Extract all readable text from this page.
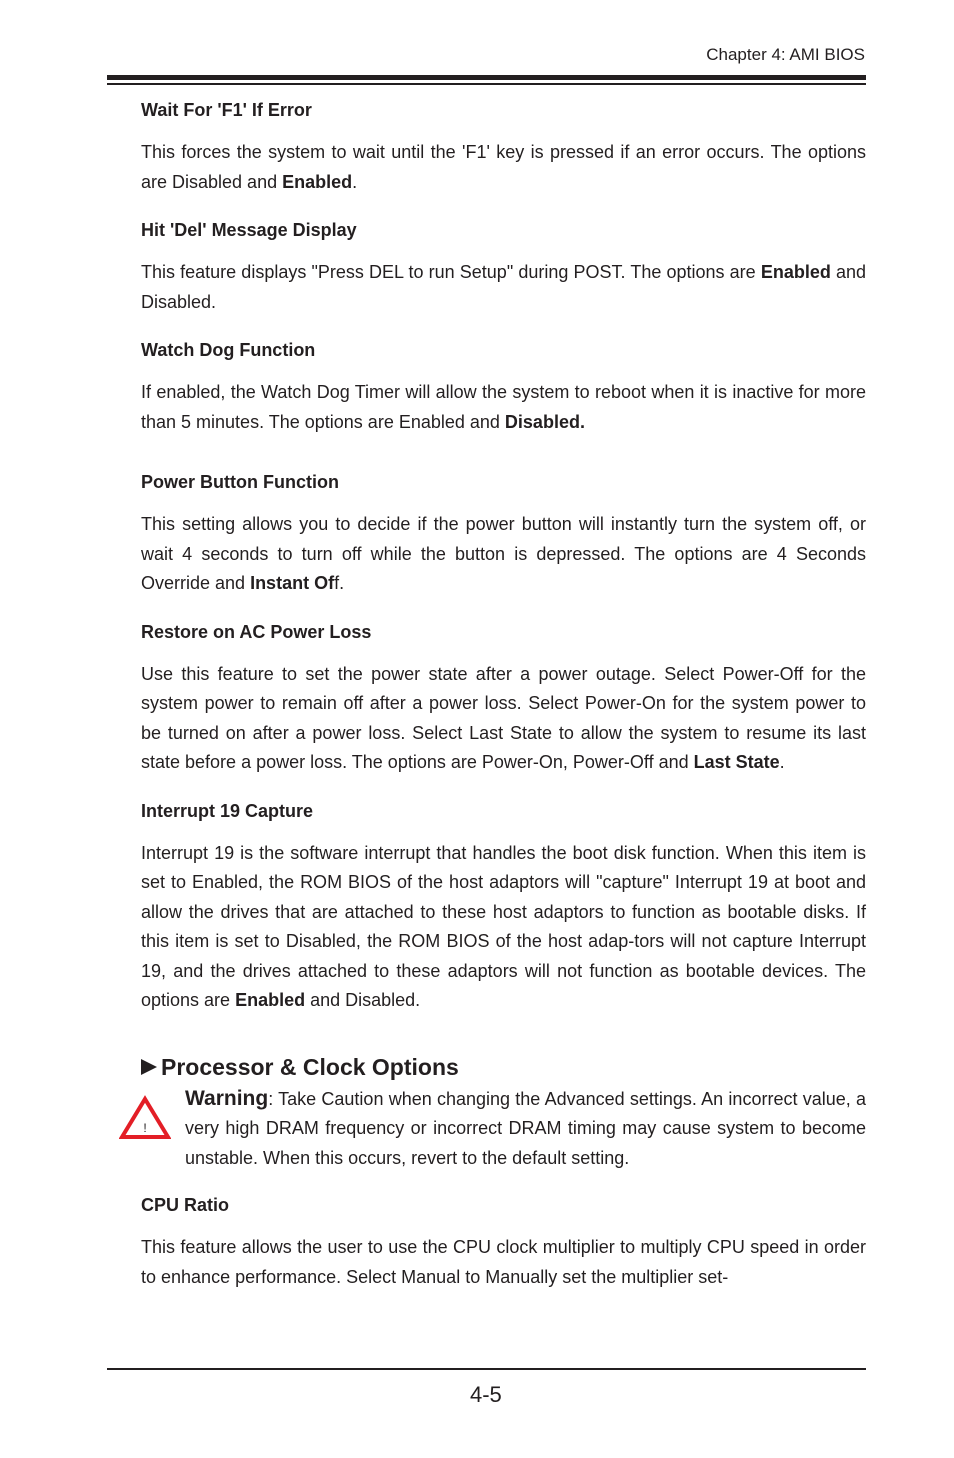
Chapter 4: AMI BIOS
Wait For 'F1' If Error

This forces the system to wait until the 'F1' key is pressed if an error occurs. The options are Disabled and Enabled.

Hit 'Del' Message Display

This feature displays "Press DEL to run Setup" during POST. The options are Enabled and Disabled.

Watch Dog Function

If enabled, the Watch Dog Timer will allow the system to reboot when it is inactive for more than 5 minutes. The options are Enabled and Disabled.

Power Button Function

This setting allows you to decide if the power button will instantly turn the system off, or wait 4 seconds to turn off while the button is depressed. The options are 4 Seconds Override and Instant Off.

Restore on AC Power Loss

Use this feature to set the power state after a power outage. Select Power-Off for the system power to remain off after a power loss. Select Power-On for the system power to be turned on after a power loss. Select Last State to allow the system to resume its last state before a power loss. The options are Power-On, Power-Off and Last State.

Interrupt 19 Capture

Interrupt 19 is the software interrupt that handles the boot disk function. When this item is set to Enabled, the ROM BIOS of the host adaptors will "capture" Interrupt 19 at boot and allow the drives that are attached to these host adaptors to function as bootable disks. If this item is set to Disabled, the ROM BIOS of the host adap-tors will not capture Interrupt 19, and the drives attached to these adaptors will not function as bootable devices. The options are Enabled and Disabled.

Processor & Clock Options
!

Warning: Take Caution when changing the Advanced settings. An incorrect value, a very high DRAM frequency or incorrect DRAM timing may cause system to become unstable. When this occurs, revert to the default setting.

CPU Ratio

This feature allows the user to use the CPU clock multiplier to multiply CPU speed in order to enhance performance. Select Manual to Manually set the multiplier set-

4-5
